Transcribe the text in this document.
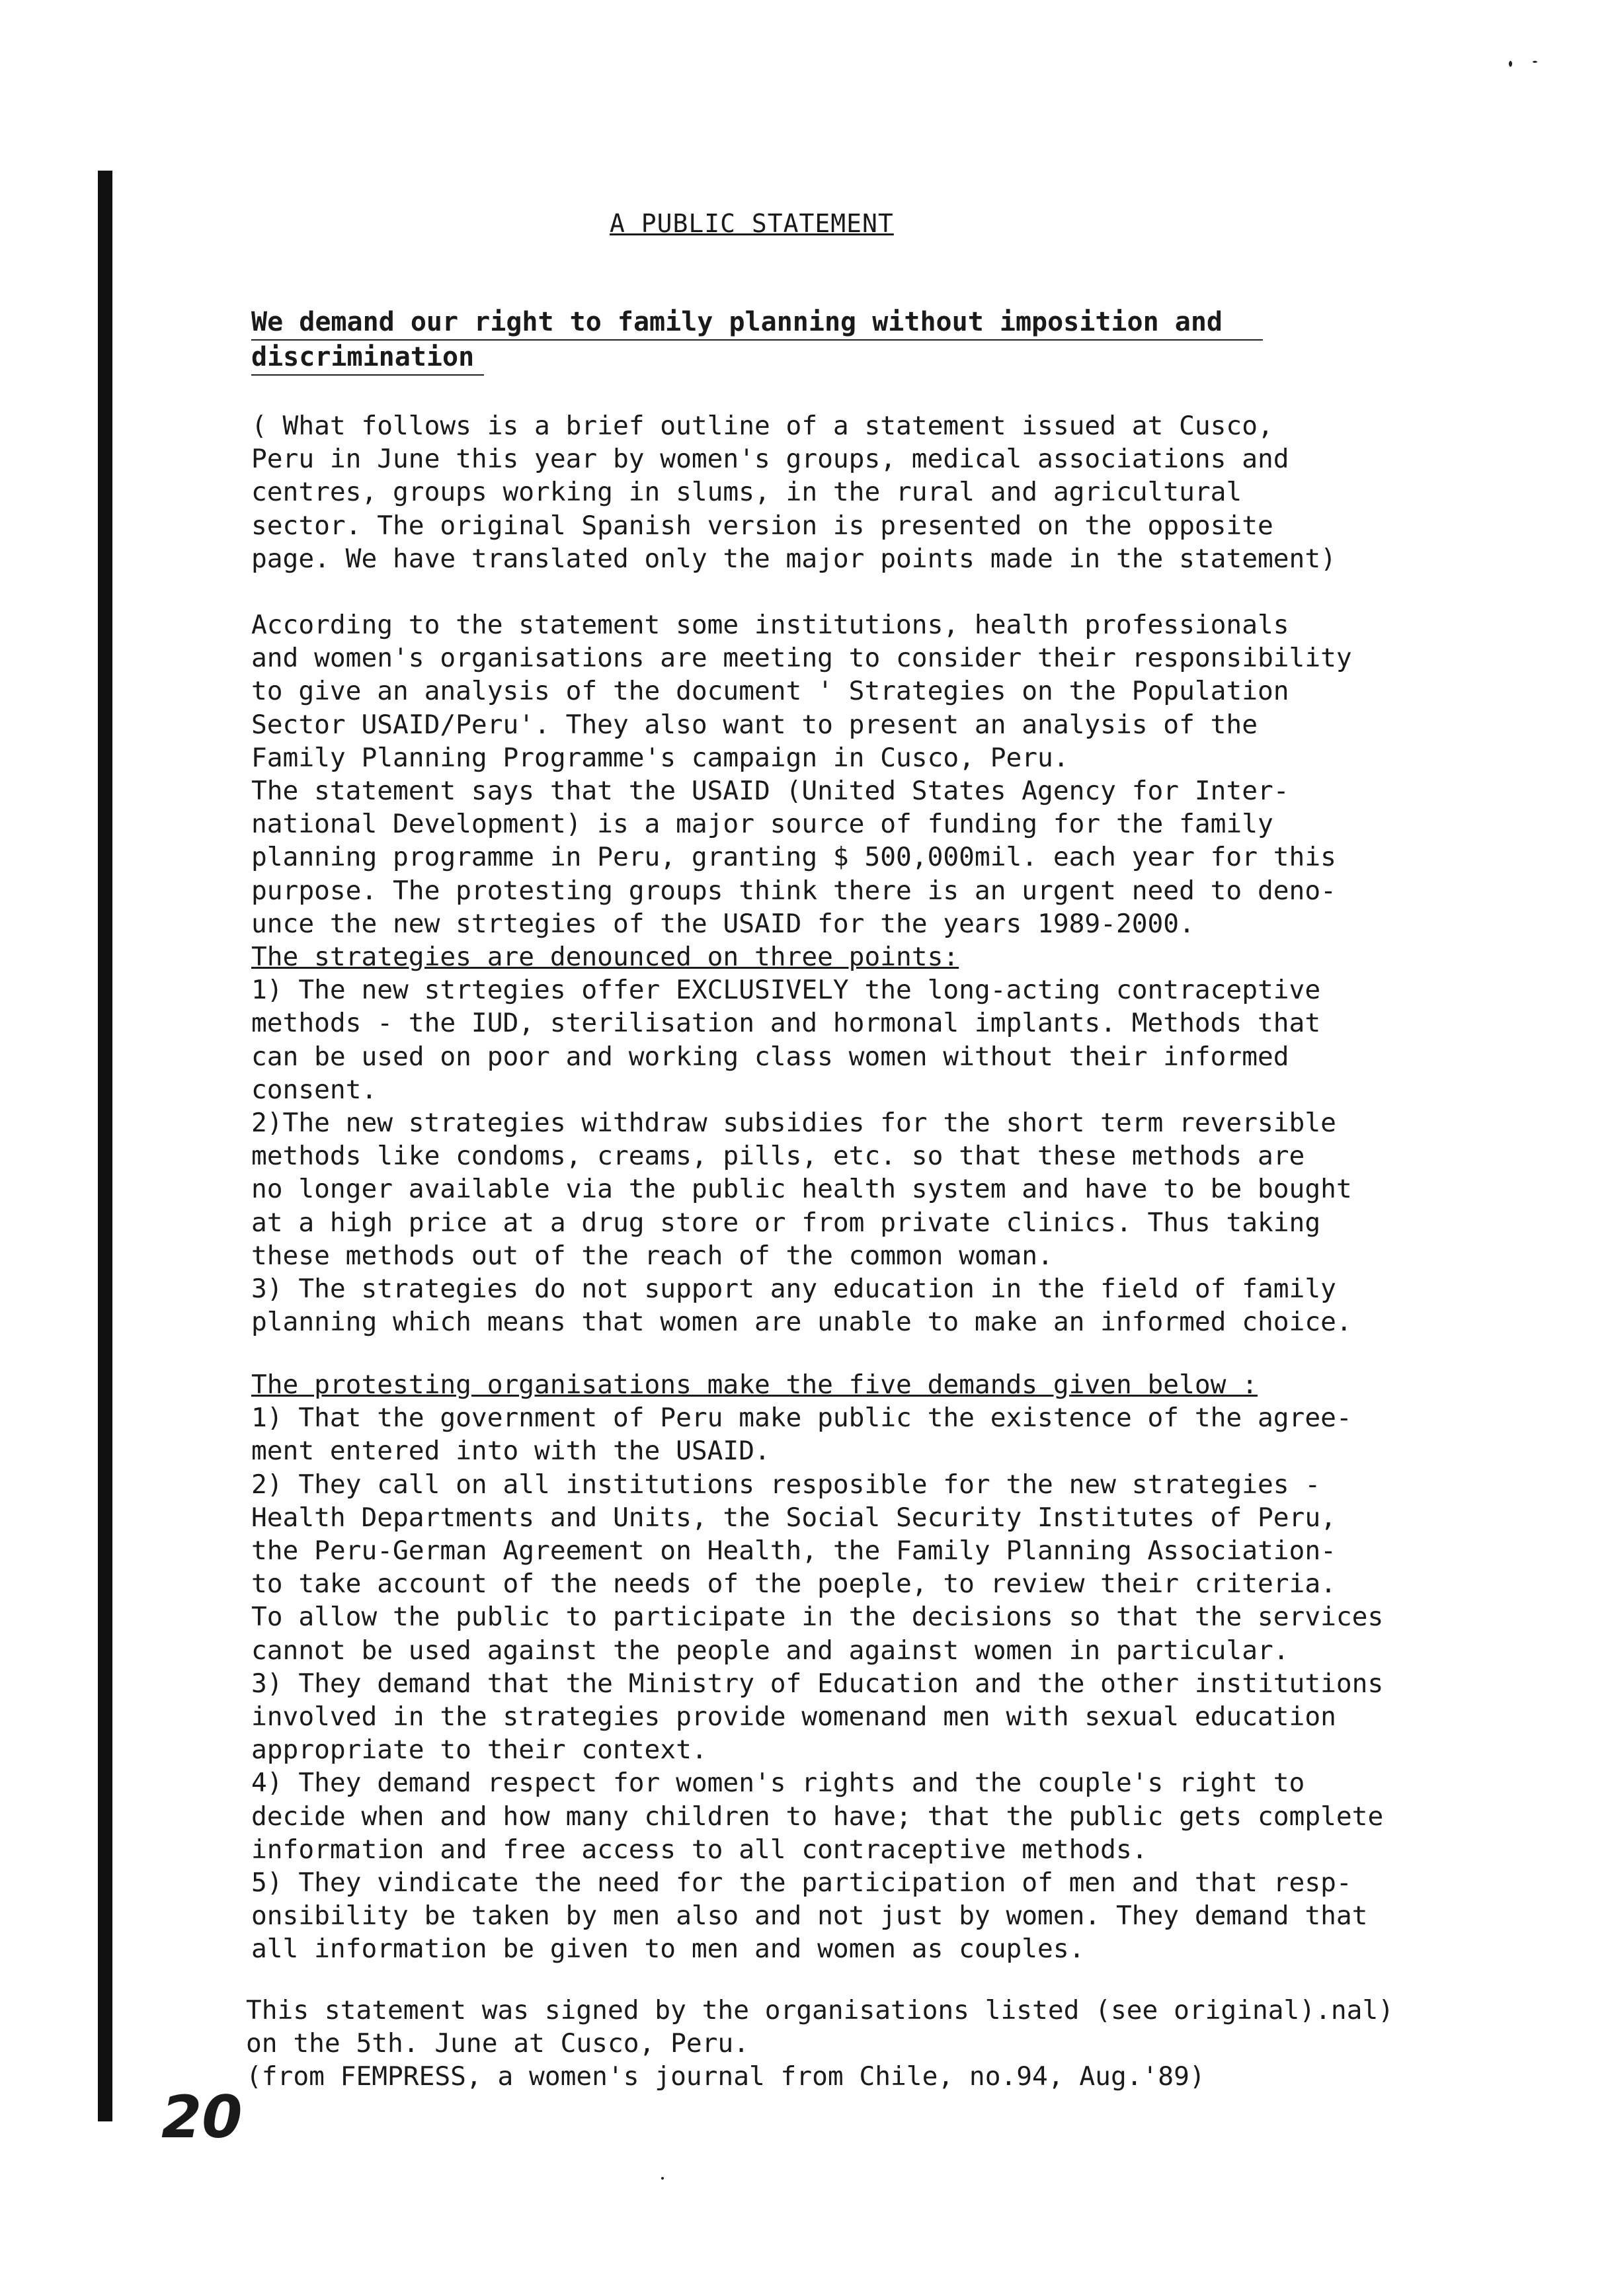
A PUBLIC STATEMENT
We demand our right to family planning without imposition and
discrimination

( What follows is a brief outline of a statement issued at Cusco,
Peru in June this year by women's groups, medical associations and
centres, groups working in slums, in the rural and agricultural
sector. The original Spanish version is presented on the opposite
page. We have translated only the major points made in the statement)

According to the statement some institutions, health professionals
and women's organisations are meeting to consider their responsibility
to give an analysis of the document ' Strategies on the Population
Sector USAID/Peru'. They also want to present an analysis of the
Family Planning Programme's campaign in Cusco, Peru.
The statement says that the USAID (United States Agency for Inter-
national Development) is a major source of funding for the family
planning programme in Peru, granting $ 500,000mil. each year for this
purpose. The protesting groups think there is an urgent need to deno-
unce the new strtegies of the USAID for the years 1989-2000.
The strategies are denounced on three points:
1) The new strtegies offer EXCLUSIVELY the long-acting contraceptive
methods - the IUD, sterilisation and hormonal implants. Methods that
can be used on poor and working class women without their informed
consent.
2)The new strategies withdraw subsidies for the short term reversible
methods like condoms, creams, pills, etc. so that these methods are
no longer available via the public health system and have to be bought
at a high price at a drug store or from private clinics. Thus taking
these methods out of the reach of the common woman.
3) The strategies do not support any education in the field of family
planning which means that women are unable to make an informed choice.

The protesting organisations make the five demands given below :
1) That the government of Peru make public the existence of the agree-
ment entered into with the USAID.
2) They call on all institutions resposible for the new strategies -
Health Departments and Units, the Social Security Institutes of Peru,
the Peru-German Agreement on Health, the Family Planning Association-
to take account of the needs of the poeple, to review their criteria.
To allow the public to participate in the decisions so that the services
cannot be used against the people and against women in particular.
3) They demand that the Ministry of Education and the other institutions
involved in the strategies provide womenand men with sexual education
appropriate to their context.
4) They demand respect for women's rights and the couple's right to
decide when and how many children to have; that the public gets complete
information and free access to all contraceptive methods.
5) They vindicate the need for the participation of men and that resp-
onsibility be taken by men also and not just by women. They demand that
all information be given to men and women as couples.

This statement was signed by the organisations listed (see original).nal)
on the 5th. June at Cusco, Peru.
(from FEMPRESS, a women's journal from Chile, no.94, Aug.'89)

20
